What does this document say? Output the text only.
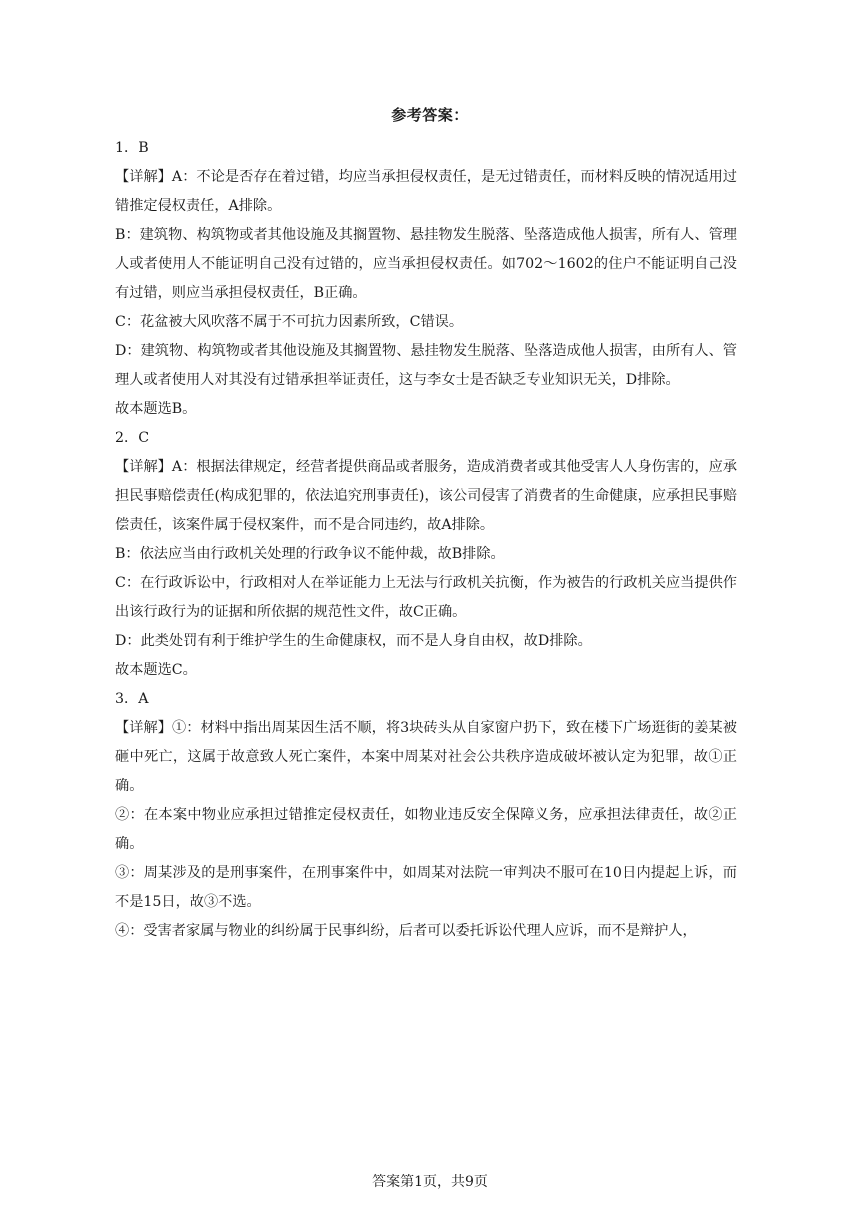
参考答案：

1．B

【详解】A：不论是否存在着过错，均应当承担侵权责任，是无过错责任，而材料反映的情况适用过错推定侵权责任，A排除。

B：建筑物、构筑物或者其他设施及其搁置物、悬挂物发生脱落、坠落造成他人损害，所有人、管理人或者使用人不能证明自己没有过错的，应当承担侵权责任。如702～1602的住户不能证明自己没有过错，则应当承担侵权责任，B正确。

C：花盆被大风吹落不属于不可抗力因素所致，C错误。

D：建筑物、构筑物或者其他设施及其搁置物、悬挂物发生脱落、坠落造成他人损害，由所有人、管理人或者使用人对其没有过错承担举证责任，这与李女士是否缺乏专业知识无关，D排除。

故本题选B。

2．C

【详解】A：根据法律规定，经营者提供商品或者服务，造成消费者或其他受害人人身伤害的，应承担民事赔偿责任(构成犯罪的，依法追究刑事责任)，该公司侵害了消费者的生命健康，应承担民事赔偿责任，该案件属于侵权案件，而不是合同违约，故A排除。

B：依法应当由行政机关处理的行政争议不能仲裁，故B排除。

C：在行政诉讼中，行政相对人在举证能力上无法与行政机关抗衡，作为被告的行政机关应当提供作出该行政行为的证据和所依据的规范性文件，故C正确。

D：此类处罚有利于维护学生的生命健康权，而不是人身自由权，故D排除。

故本题选C。

3．A

【详解】①：材料中指出周某因生活不顺，将3块砖头从自家窗户扔下，致在楼下广场逛街的姜某被砸中死亡，这属于故意致人死亡案件，本案中周某对社会公共秩序造成破坏被认定为犯罪，故①正确。

②：在本案中物业应承担过错推定侵权责任，如物业违反安全保障义务，应承担法律责任，故②正确。

③：周某涉及的是刑事案件，在刑事案件中，如周某对法院一审判决不服可在10日内提起上诉，而不是15日，故③不选。

④：受害者家属与物业的纠纷属于民事纠纷，后者可以委托诉讼代理人应诉，而不是辩护人，

答案第1页，共9页
